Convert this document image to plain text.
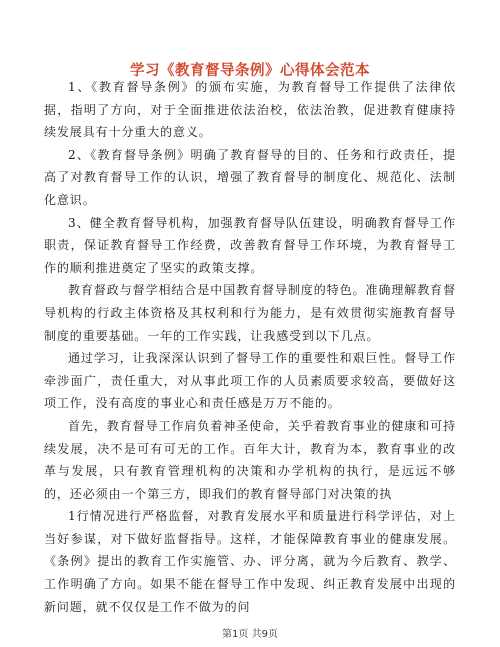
学习《教育督导条例》心得体会范本

1、《教育督导条例》的颁布实施，为教育督导工作提供了法律依据，指明了方向，对于全面推进依法治校，依法治教，促进教育健康持续发展具有十分重大的意义。

2、《教育督导条例》明确了教育督导的目的、任务和行政责任，提高了对教育督导工作的认识，增强了教育督导的制度化、规范化、法制化意识。

3、健全教育督导机构，加强教育督导队伍建设，明确教育督导工作职责，保证教育督导工作经费，改善教育督导工作环境，为教育督导工作的顺利推进奠定了坚实的政策支撑。

教育督政与督学相结合是中国教育督导制度的特色。准确理解教育督导机构的行政主体资格及其权利和行为能力，是有效贯彻实施教育督导制度的重要基础。一年的工作实践，让我感受到以下几点。

通过学习，让我深深认识到了督导工作的重要性和艰巨性。督导工作牵涉面广，责任重大，对从事此项工作的人员素质要求较高，要做好这项工作，没有高度的事业心和责任感是万万不能的。

首先，教育督导工作肩负着神圣使命，关乎着教育事业的健康和可持续发展，决不是可有可无的工作。百年大计，教育为本，教育事业的改革与发展，只有教育管理机构的决策和办学机构的执行，是远远不够的，还必须由一个第三方，即我们的教育督导部门对决策的执

1行情况进行严格监督，对教育发展水平和质量进行科学评估，对上当好参谋，对下做好监督指导。这样，才能保障教育事业的健康发展。《条例》提出的教育工作实施管、办、评分离，就为今后教育、教学、工作明确了方向。如果不能在督导工作中发现、纠正教育发展中出现的新问题，就不仅仅是工作不做为的问

第1页 共9页
